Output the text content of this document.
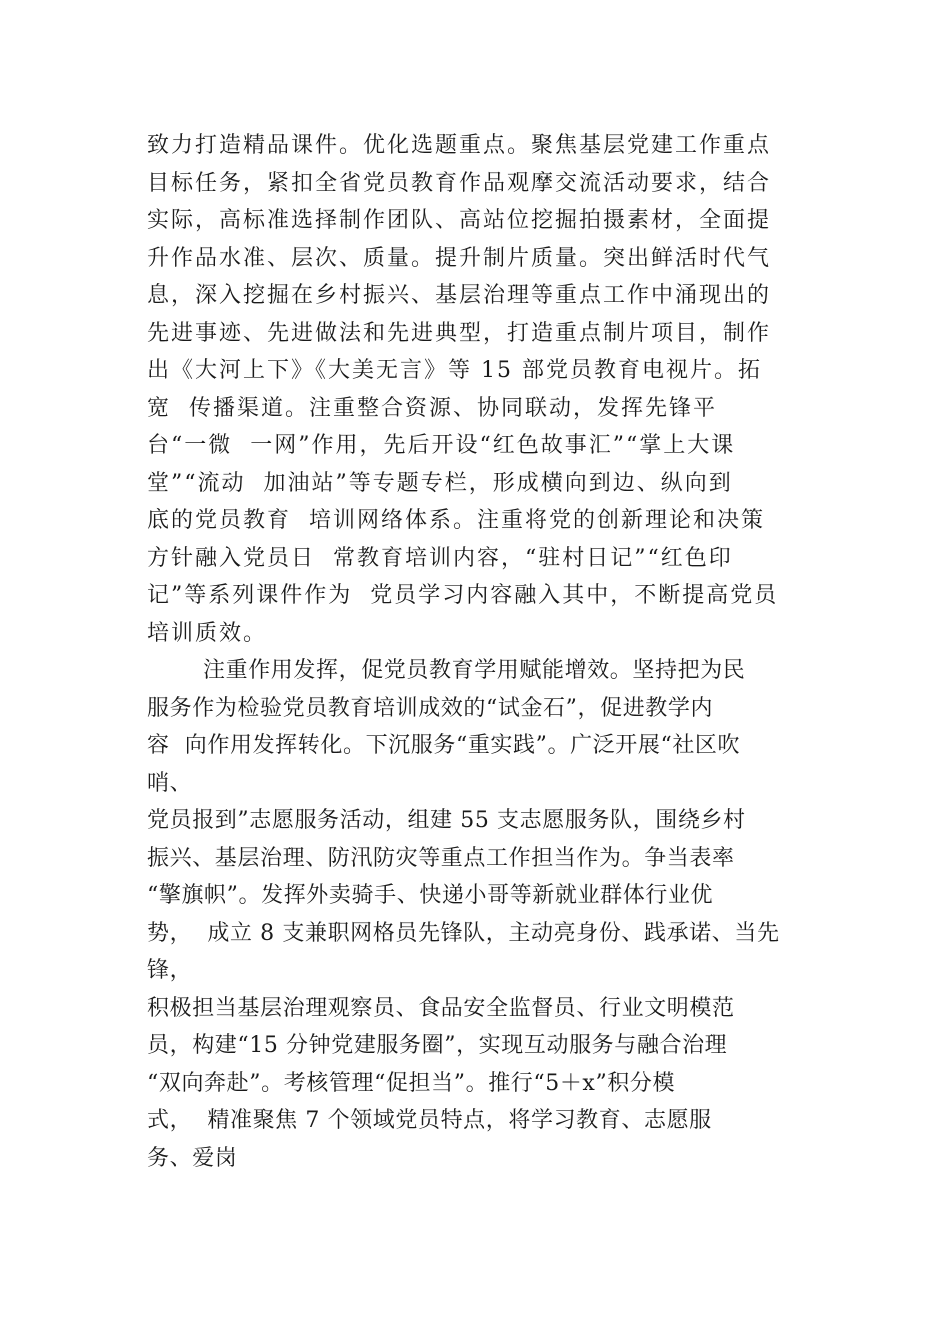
致力打造精品课件。优化选题重点。聚焦基层党建工作重点
目标任务，紧扣全省党员教育作品观摩交流活动要求，结合
实际，高标准选择制作团队、高站位挖掘拍摄素材，全面提
升作品水准、层次、质量。提升制片质量。突出鲜活时代气
息，深入挖掘在乡村振兴、基层治理等重点工作中涌现出的
先进事迹、先进做法和先进典型，打造重点制片项目，制作
出《大河上下》《大美无言》等 15 部党员教育电视片。拓
宽  传播渠道。注重整合资源、协同联动，发挥先锋平
台“一微  一网”作用，先后开设“红色故事汇”“掌上大课
堂”“流动  加油站”等专题专栏，形成横向到边、纵向到
底的党员教育  培训网络体系。注重将党的创新理论和决策
方针融入党员日  常教育培训内容，“驻村日记”“红色印
记”等系列课件作为  党员学习内容融入其中，不断提高党员
培训质效。
注重作用发挥，促党员教育学用赋能增效。坚持把为民
服务作为检验党员教育培训成效的“试金石”，促进教学内
容  向作用发挥转化。下沉服务“重实践”。广泛开展“社区吹
哨、
党员报到”志愿服务活动，组建 55 支志愿服务队，围绕乡村
振兴、基层治理、防汛防灾等重点工作担当作为。争当表率
“擎旗帜”。发挥外卖骑手、快递小哥等新就业群体行业优
势，  成立 8 支兼职网格员先锋队，主动亮身份、践承诺、当先
锋，
积极担当基层治理观察员、食品安全监督员、行业文明模范
员，构建“15 分钟党建服务圈”，实现互动服务与融合治理
“双向奔赴”。考核管理“促担当”。推行“5＋x”积分模
式，  精准聚焦 7 个领域党员特点，将学习教育、志愿服
务、爱岗
